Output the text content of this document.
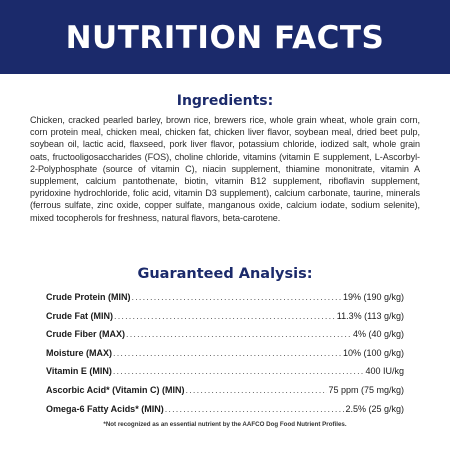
NUTRITION FACTS
Ingredients:
Chicken, cracked pearled barley, brown rice, brewers rice, whole grain wheat, whole grain corn, corn protein meal, chicken meal, chicken fat, chicken liver flavor, soybean meal, dried beet pulp, soybean oil, lactic acid, flaxseed, pork liver flavor, potassium chloride, iodized salt, whole grain oats, fructooligosaccharides (FOS), choline chloride, vitamins (vitamin E supplement, L-Ascorbyl-2-Polyphosphate (source of vitamin C), niacin supplement, thiamine mononitrate, vitamin A supplement, calcium pantothenate, biotin, vitamin B12 supplement, riboflavin supplement, pyridoxine hydrochloride, folic acid, vitamin D3 supplement), calcium carbonate, taurine, minerals (ferrous sulfate, zinc oxide, copper sulfate, manganous oxide, calcium iodate, sodium selenite), mixed tocopherols for freshness, natural flavors, beta-carotene.
Guaranteed Analysis:
Crude Protein (MIN) .....	19% (190 g/kg)
Crude Fat (MIN) .....	11.3% (113 g/kg)
Crude Fiber (MAX) .....	4% (40 g/kg)
Moisture (MAX) .....	10% (100 g/kg)
Vitamin E (MIN) .....	400 IU/kg
Ascorbic Acid* (Vitamin C) (MIN) .....	75 ppm (75 mg/kg)
Omega-6 Fatty Acids* (MIN) .....	2.5% (25 g/kg)
*Not recognized as an essential nutrient by the AAFCO Dog Food Nutrient Profiles.
